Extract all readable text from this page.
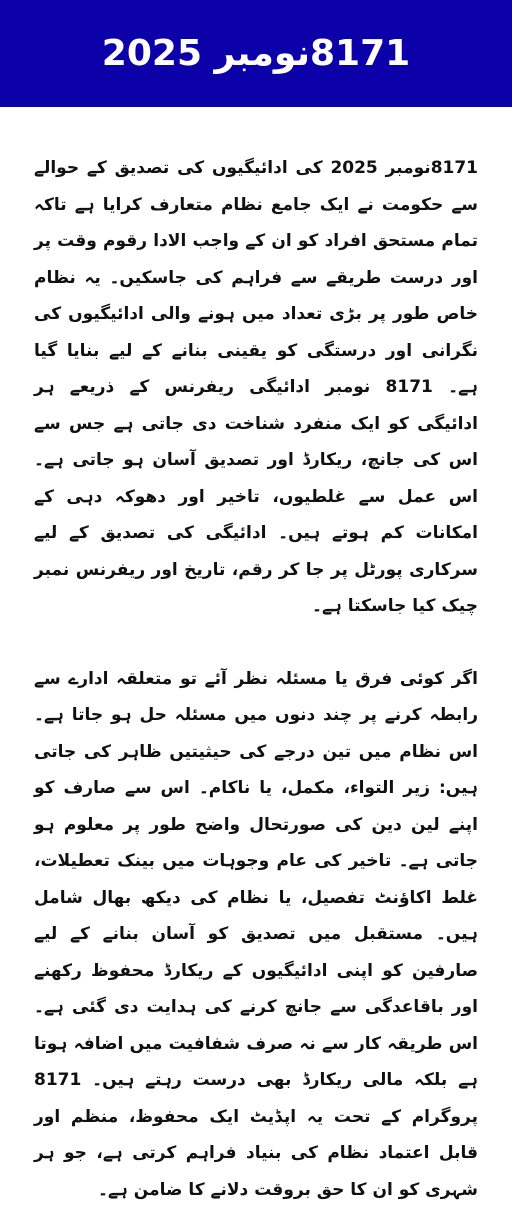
8171نومبر 2025

8171نومبر 2025 کی ادائیگیوں کی تصدیق کے حوالے سے حکومت نے ایک جامع نظام متعارف کرایا ہے تاکہ تمام مستحق افراد کو ان کے واجب الادا رقوم وقت پر اور درست طریقے سے فراہم کی جاسکیں۔ یہ نظام خاص طور پر بڑی تعداد میں ہونے والی ادائیگیوں کی نگرانی اور درستگی کو یقینی بنانے کے لیے بنایا گیا ہے۔ 8171 نومبر ادائیگی ریفرنس کے ذریعے ہر ادائیگی کو ایک منفرد شناخت دی جاتی ہے جس سے اس کی جانچ، ریکارڈ اور تصدیق آسان ہو جاتی ہے۔ اس عمل سے غلطیوں، تاخیر اور دھوکہ دہی کے امکانات کم ہوتے ہیں۔ ادائیگی کی تصدیق کے لیے سرکاری پورٹل پر جا کر رقم، تاریخ اور ریفرنس نمبر چیک کیا جاسکتا ہے۔

اگر کوئی فرق یا مسئلہ نظر آئے تو متعلقہ ادارے سے رابطہ کرنے پر چند دنوں میں مسئلہ حل ہو جاتا ہے۔ اس نظام میں تین درجے کی حیثیتیں ظاہر کی جاتی ہیں: زیر التواء، مکمل، یا ناکام۔ اس سے صارف کو اپنے لین دین کی صورتحال واضح طور پر معلوم ہو جاتی ہے۔ تاخیر کی عام وجوہات میں بینک تعطیلات، غلط اکاؤنٹ تفصیل، یا نظام کی دیکھ بھال شامل ہیں۔ مستقبل میں تصدیق کو آسان بنانے کے لیے صارفین کو اپنی ادائیگیوں کے ریکارڈ محفوظ رکھنے اور باقاعدگی سے جانچ کرنے کی ہدایت دی گئی ہے۔ اس طریقہ کار سے نہ صرف شفافیت میں اضافہ ہوتا ہے بلکہ مالی ریکارڈ بھی درست رہتے ہیں۔ 8171 پروگرام کے تحت یہ اپڈیٹ ایک محفوظ، منظم اور قابل اعتماد نظام کی بنیاد فراہم کرتی ہے، جو ہر شہری کو ان کا حق بروقت دلانے کا ضامن ہے۔
